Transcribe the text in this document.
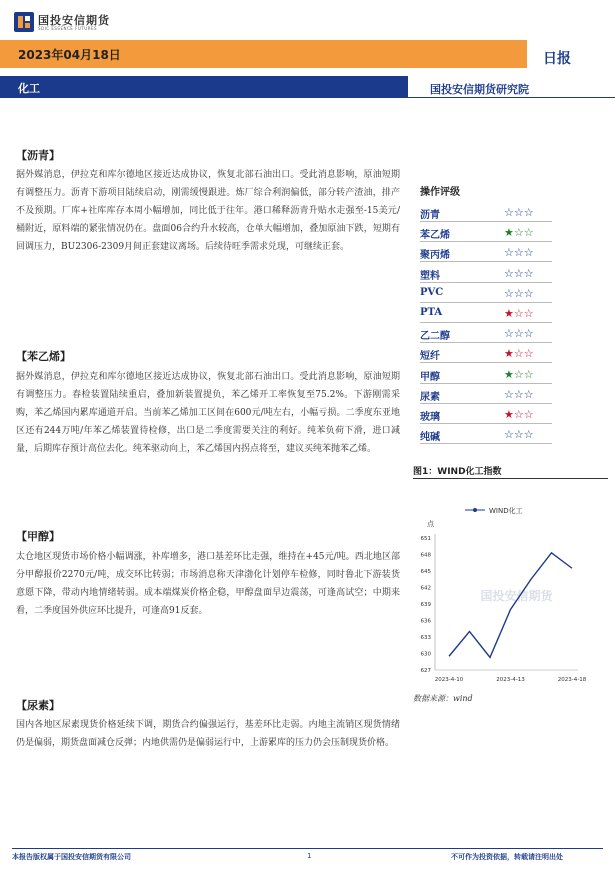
国投安信期货
SDIC ESSENCE FUTURES
2023年04月18日	日报
化工	国投安信期货研究院
【沥青】
据外媒消息，伊拉克和库尔德地区接近达成协议，恢复北部石油出口。受此消息影响，原油短期有调整压力。沥青下游项目陆续启动，刚需缓慢跟进。炼厂综合利润偏低，部分转产渣油，排产不及预期。厂库+社库库存本周小幅增加，同比低于往年。港口稀释沥青升贴水走强至-15美元/桶附近，原料端的紧张情况仍在。盘面06合约升水较高，仓单大幅增加，叠加原油下跌，短期有回调压力，BU2306-2309月间正套建议离场。后续待旺季需求兑现，可继续正套。
【苯乙烯】
据外媒消息，伊拉克和库尔德地区接近达成协议，恢复北部石油出口。受此消息影响，原油短期有调整压力。春检装置陆续重启，叠加新装置提负，苯乙烯开工率恢复至75.2%。下游刚需采购，苯乙烯国内累库通道开启。当前苯乙烯加工区间在600元/吨左右，小幅亏损。二季度东亚地区还有244万吨/年苯乙烯装置待检修，出口是二季度需要关注的利好。纯苯负荷下滑，进口减量，后期库存预计高位去化。纯苯驱动向上，苯乙烯国内拐点将至，建议买纯苯抛苯乙烯。
【甲醇】
太仓地区现货市场价格小幅调涨，补库增多，港口基差环比走强，维持在+45元/吨。西北地区部分甲醇报价2270元/吨，成交环比转弱；市场消息称天津渤化计划停车检修，同时鲁北下游装货意愿下降，带动内地情绪转弱。成本端煤炭价格企稳，甲醇盘面早边震荡，可逢高试空；中期来看，二季度国外供应环比提升，可逢高91反套。
【尿素】
国内各地区尿素现货价格延续下调，期货合约偏强运行，基差环比走弱。内地主流销区现货情绪仍是偏弱，期货盘面减仓反弹；内地供需仍是偏弱运行中，上游累库的压力仍会压制现货价格。
操作评级
沥青	☆☆☆
苯乙烯	★☆☆
聚丙烯	☆☆☆
塑料	☆☆☆
PVC	☆☆☆
PTA	★☆☆
乙二醇	☆☆☆
短纤	★☆☆
甲醇	★☆☆
尿素	☆☆☆
玻璃	★☆☆
纯碱	☆☆☆
图1：WIND化工指数
国投安信期货
WIND化工
点
627
630
633
636
639
642
645
648
651
2023-4-10	2023-4-13	2023-4-18
数据来源：wind
本报告版权属于国投安信期货有限公司	1	不可作为投资依据，转载请注明出处
